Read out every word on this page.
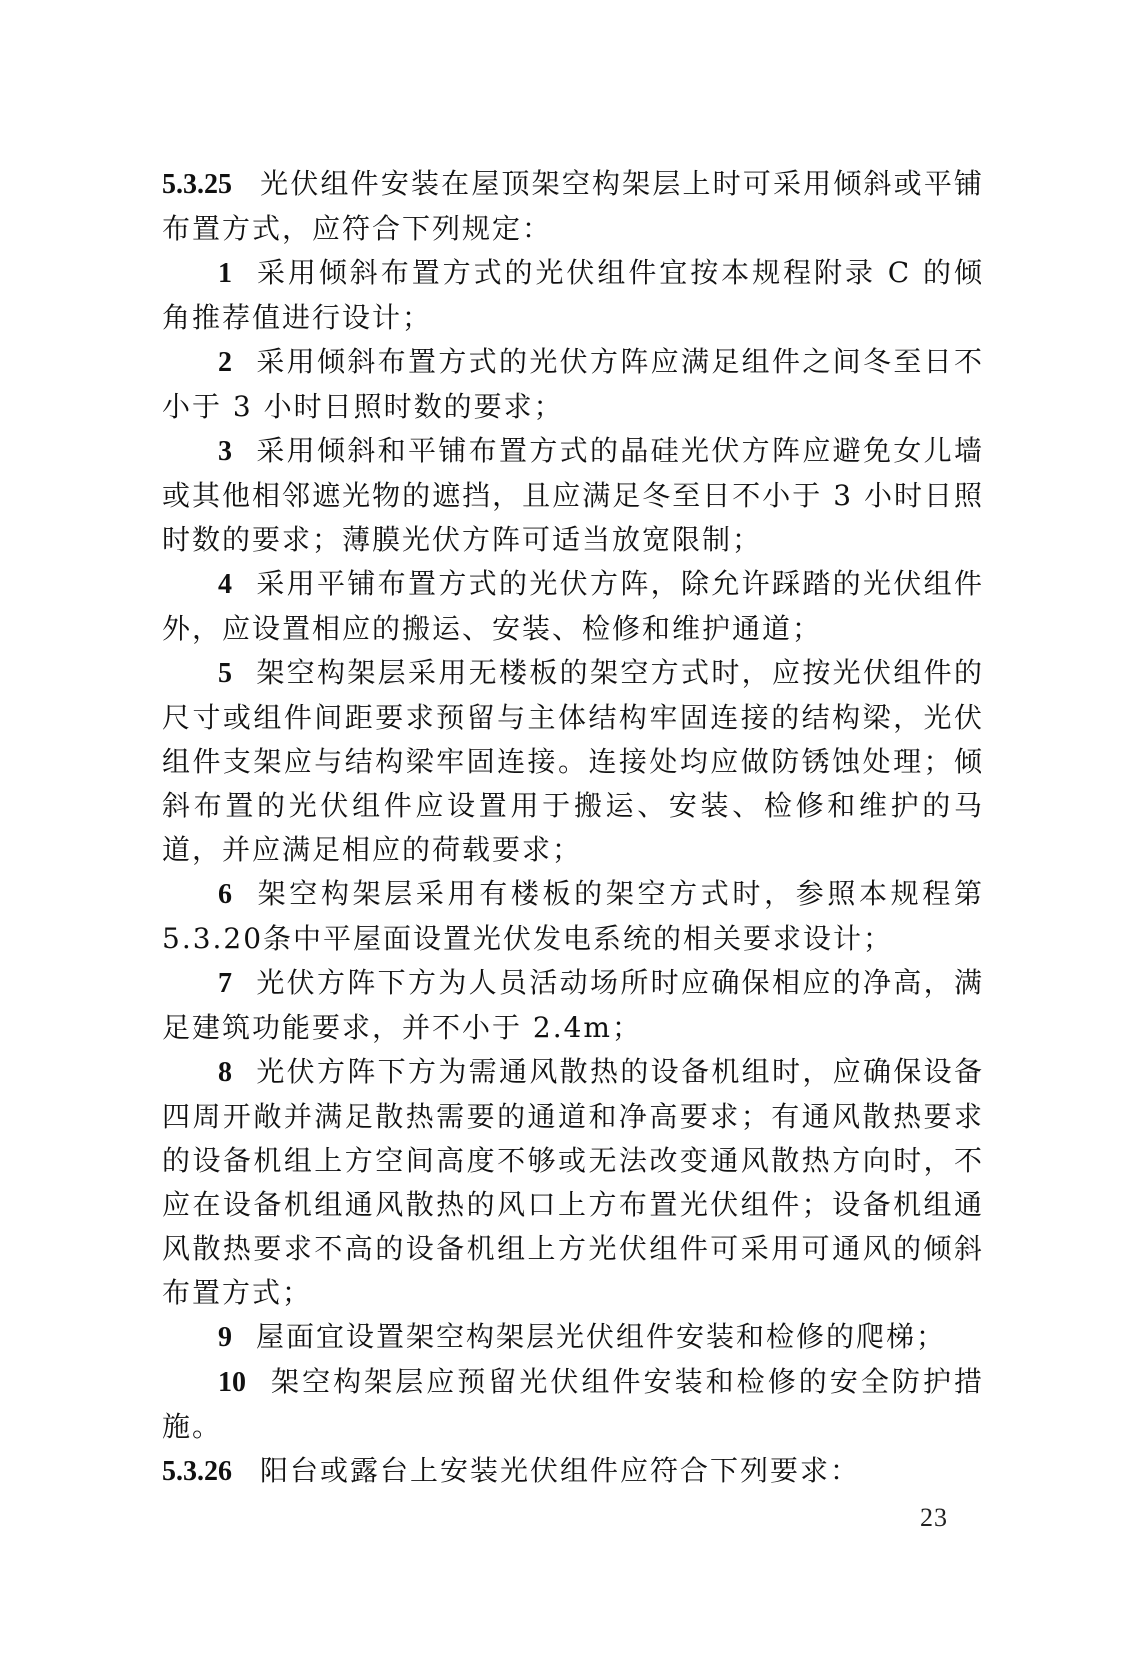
5.3.25 光伏组件安装在屋顶架空构架层上时可采用倾斜或平铺布置方式，应符合下列规定：

1 采用倾斜布置方式的光伏组件宜按本规程附录 C 的倾角推荐值进行设计；

2 采用倾斜布置方式的光伏方阵应满足组件之间冬至日不小于 3 小时日照时数的要求；

3 采用倾斜和平铺布置方式的晶硅光伏方阵应避免女儿墙或其他相邻遮光物的遮挡，且应满足冬至日不小于 3 小时日照时数的要求；薄膜光伏方阵可适当放宽限制；

4 采用平铺布置方式的光伏方阵，除允许踩踏的光伏组件外，应设置相应的搬运、安装、检修和维护通道；

5 架空构架层采用无楼板的架空方式时，应按光伏组件的尺寸或组件间距要求预留与主体结构牢固连接的结构梁，光伏组件支架应与结构梁牢固连接。连接处均应做防锈蚀处理；倾斜布置的光伏组件应设置用于搬运、安装、检修和维护的马道，并应满足相应的荷载要求；

6 架空构架层采用有楼板的架空方式时，参照本规程第 5.3.20条中平屋面设置光伏发电系统的相关要求设计；

7 光伏方阵下方为人员活动场所时应确保相应的净高，满足建筑功能要求，并不小于 2.4m；

8 光伏方阵下方为需通风散热的设备机组时，应确保设备四周开敞并满足散热需要的通道和净高要求；有通风散热要求的设备机组上方空间高度不够或无法改变通风散热方向时，不应在设备机组通风散热的风口上方布置光伏组件；设备机组通风散热要求不高的设备机组上方光伏组件可采用可通风的倾斜布置方式；

9 屋面宜设置架空构架层光伏组件安装和检修的爬梯；

10 架空构架层应预留光伏组件安装和检修的安全防护措施。

5.3.26 阳台或露台上安装光伏组件应符合下列要求：

23
